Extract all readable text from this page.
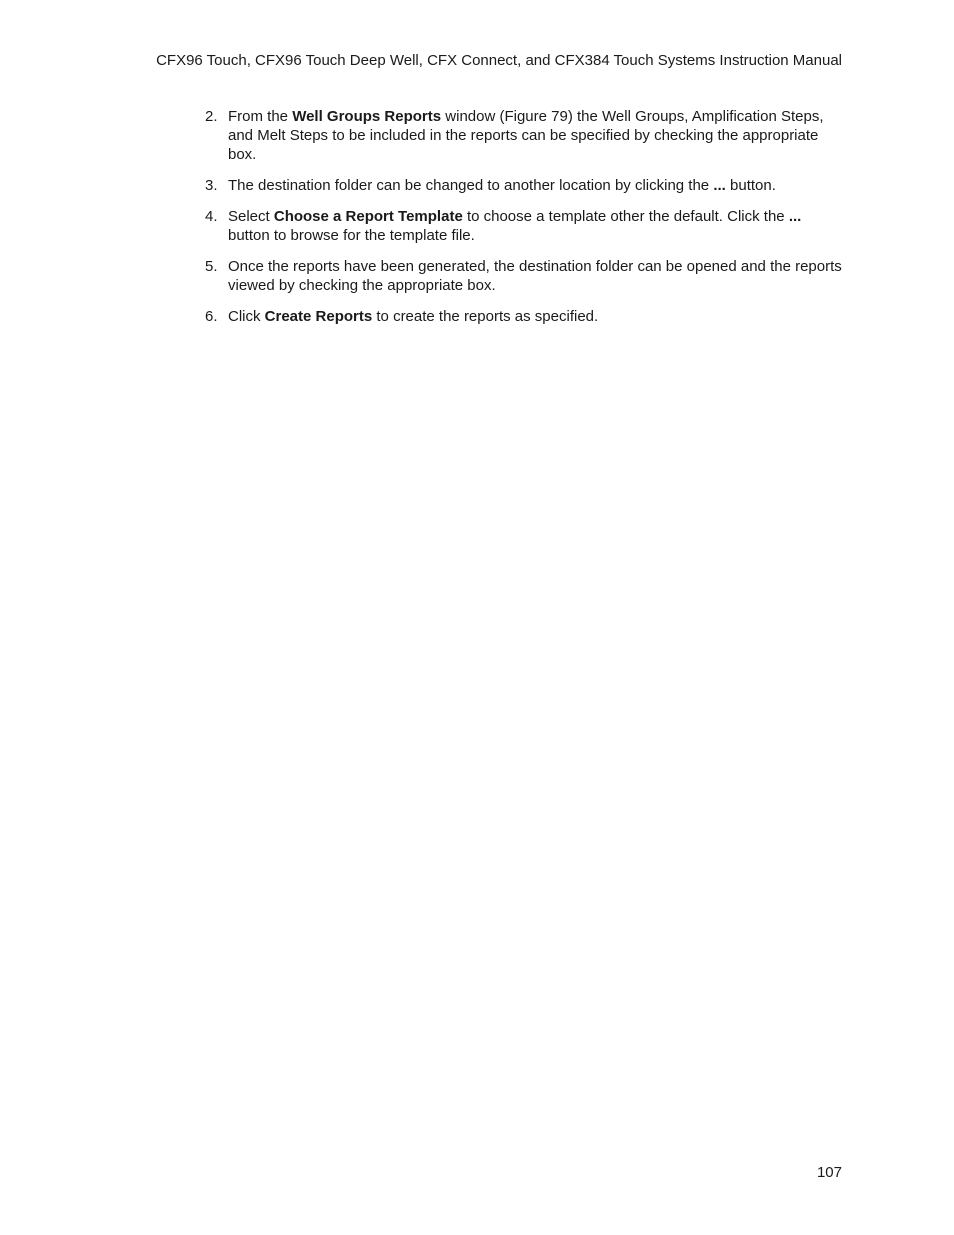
CFX96 Touch, CFX96 Touch Deep Well, CFX Connect, and CFX384 Touch Systems Instruction Manual
2. From the Well Groups Reports window (Figure 79) the Well Groups, Amplification Steps, and Melt Steps to be included in the reports can be specified by checking the appropriate box.
3. The destination folder can be changed to another location by clicking the ... button.
4. Select Choose a Report Template to choose a template other the default. Click the ... button to browse for the template file.
5. Once the reports have been generated, the destination folder can be opened and the reports viewed by checking the appropriate box.
6. Click Create Reports to create the reports as specified.
107
